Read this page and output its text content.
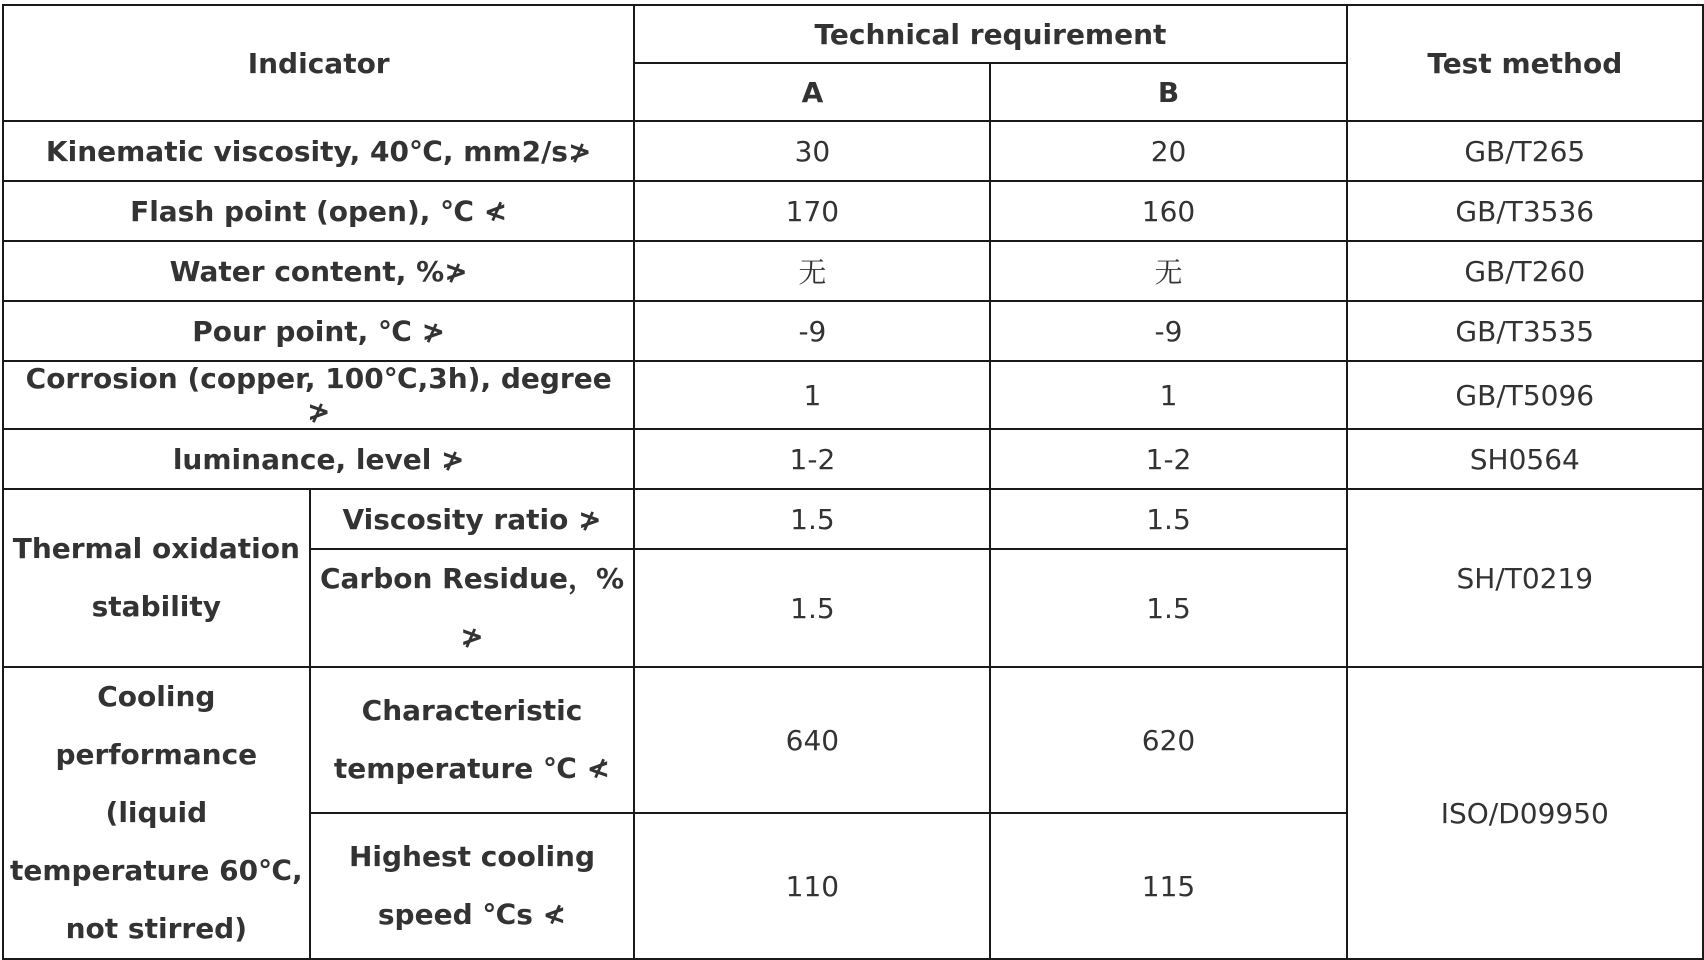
Indicator		Technical requirement		Test method
		A	B	
Kinematic viscosity, 40℃, mm2/s≯		30	20	GB/T265
Flash point (open), ℃ ≮		170	160	GB/T3536
Water content, %≯		无	无	GB/T260
Pour point, ℃ ≯		-9	-9	GB/T3535
Corrosion (copper, 100℃,3h), degree ≯		1	1	GB/T5096
luminance, level ≯		1-2	1-2	SH0564
Thermal oxidation stability	Viscosity ratio ≯	1.5	1.5	SH/T0219
	Carbon Residue，% ≯	1.5	1.5	
Cooling performance (liquid temperature 60℃, not stirred)	Characteristic temperature ℃ ≮	640	620	ISO/D09950
	Highest cooling speed ℃s ≮	110	115	
